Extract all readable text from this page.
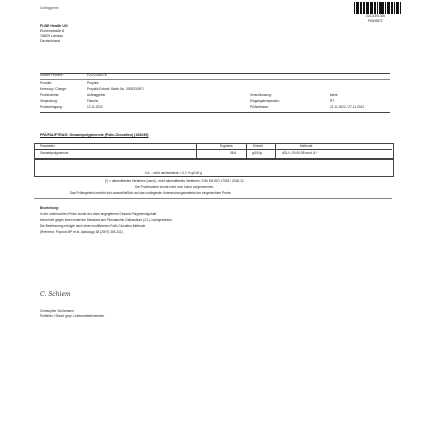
Auftraggeber:
22111301026
P6006872
FLBE Health UG
Elchenstraße 8
76829 Landau
Deutschland
Unsere Probenr.:	P22/11/26376
Produkt:	Propolis
Kennung / Charge:	Propolis Extract. Batch No. 20052315FJ
Probenahme:	Auftraggeber	Verschlussung:	keine
Verpackung:	Flasche	Eingangstemperatur:	RT
Probeneingang:	12.11.2022	Prüfzeitraum:	21.11.2022 / 27.11.2022
PRÜFAUFTRAG: Gesamtpolyphenole (Folin-Ciocalteu) (108235)
Parameter	Ergebnis	Einheit	Methode
Gesamtpolyphenole	35.6	g/100g	ASU L 00.00-95 mod. 8.*
n.b. - nicht nachweisbar < 0.1 % g/100 g
(*) = akkreditiertes Verfahren (nach) - nicht akkreditiertes Verfahren / DIN EN ISO 17025 / 2018-12
Die Probenahme wurde nicht vom Labor vorgenommen.
Das Prüfergebnis bezieht sich ausschließlich auf das vorliegende Untersuchungsmaterial der eingereichten Probe.
Beurteilung:
In der untersuchten Probe wurde der oben angegebene Gesamt-Polyphenolgehalt
berechnet gegen einen externen Standard aus Pirocatechin-Gallussäure (2:1), nachgewiesen.
Die Bestimmung erfolgte nach einer modifizierten Folin-Ciocalteu-Methode
(Referenz: Popova MP et al. Apidology 38 (2007) 306-311).
C. Schiem
Christopher Schürmann
Prüfleiter / Staatl. gepr. Lebensmittelchemiker
